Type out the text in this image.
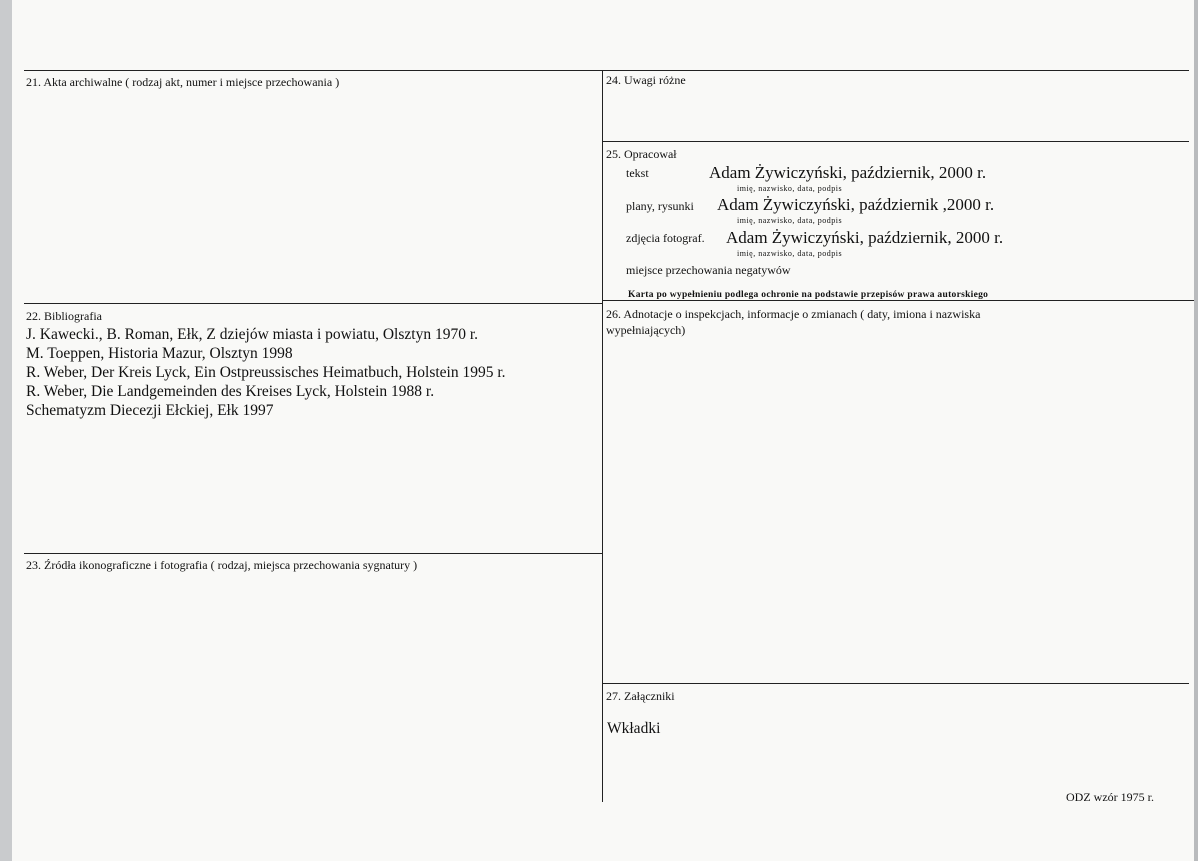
21. Akta archiwalne ( rodzaj akt, numer i miejsce przechowania )	24. Uwagi różne
25. Opracował
tekst	Adam Żywiczyński, październik, 2000 r.
imię, nazwisko, data, podpis
plany, rysunki Adam Żywiczyński, październik ,2000 r.
imię, nazwisko, data, podpis
zdjęcia fotograf. Adam Żywiczyński, październik, 2000 r.
imię, nazwisko, data, podpis
miejsce przechowania negatywów
Karta po wypełnieniu podlega ochronie na podstawie przepisów prawa autorskiego
22. Bibliografia
J. Kawecki., B. Roman, Ełk, Z dziejów miasta i powiatu, Olsztyn 1970 r.
M. Toeppen, Historia Mazur, Olsztyn 1998
R. Weber, Der Kreis Lyck, Ein Ostpreussisches Heimatbuch, Holstein 1995 r.
R. Weber, Die Landgemeinden des Kreises Lyck, Holstein 1988 r.
Schematyzm Diecezji Ełckiej, Ełk 1997
26. Adnotacje o inspekcjach, informacje o zmianach ( daty, imiona i nazwiska
wypełniających)
23. Źródła ikonograficzne i fotografia ( rodzaj, miejsca przechowania sygnatury )
27. Załączniki
Wkładki
ODZ wzór 1975 r.
